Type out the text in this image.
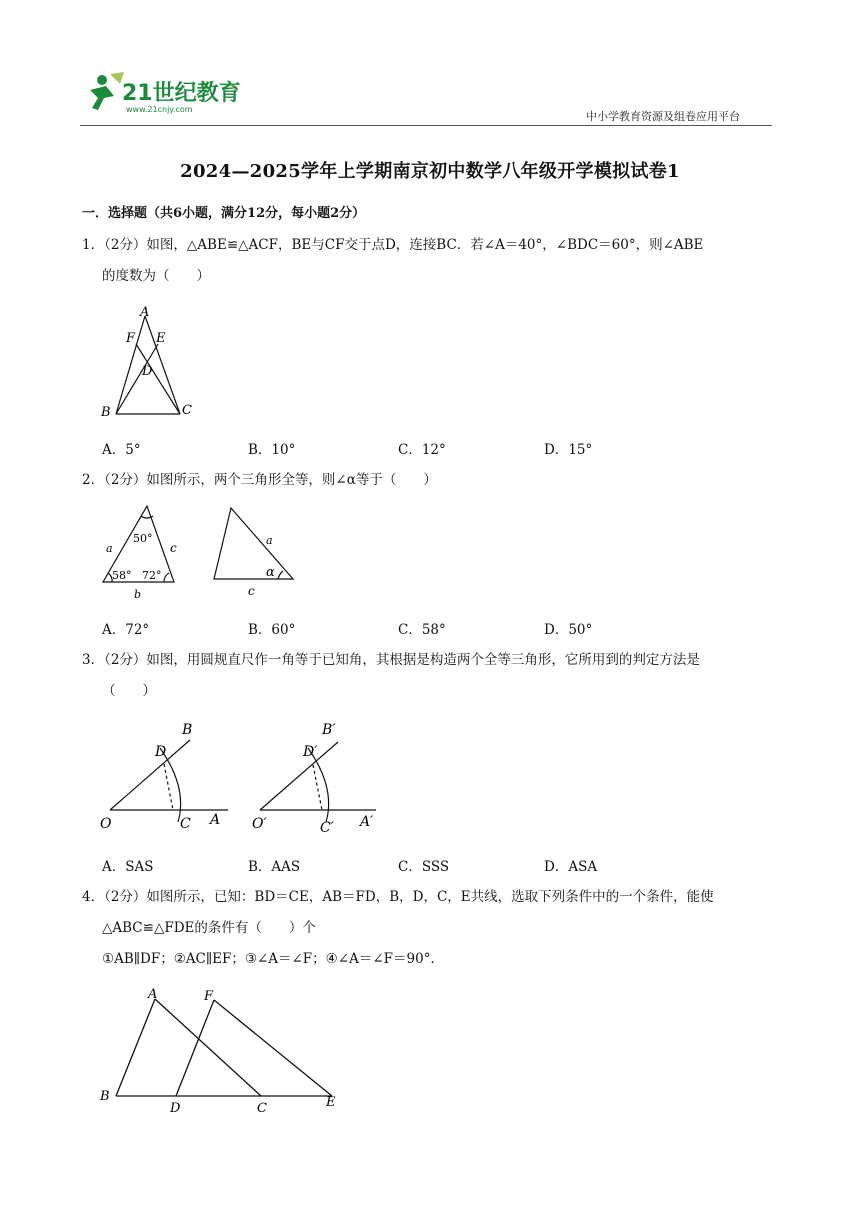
21世纪教育
www.21cnjy.com
中小学教育资源及组卷应用平台
2024—2025学年上学期南京初中数学八年级开学模拟试卷1
一．选择题（共6小题，满分12分，每小题2分）
1．（2分）如图，△ABE≌△ACF，BE与CF交于点D，连接BC．若∠A＝40°，∠BDC＝60°，则∠ABE
的度数为（　　）
A
F E
D
B	C
A．5°	B．10°	C．12°	D．15°
2．（2分）如图所示，两个三角形全等，则∠α等于（　　）
50°
a	c
58° 72°
b
a
α
c
A．72°	B．60°	C．58°	D．50°
3．（2分）如图，用圆规直尺作一角等于已知角，其根据是构造两个全等三角形，它所用到的判定方法是
（　　）
B
D
O	C A
B′
D′
O′	C′ A′
A．SAS	B．AAS	C．SSS	D．ASA
4．（2分）如图所示，已知：BD＝CE，AB＝FD，B，D，C，E共线，选取下列条件中的一个条件，能使
△ABC≌△FDE的条件有（　　）个
①AB∥DF；②AC∥EF；③∠A＝∠F；④∠A＝∠F＝90°．
A	F
B
D	C	E
